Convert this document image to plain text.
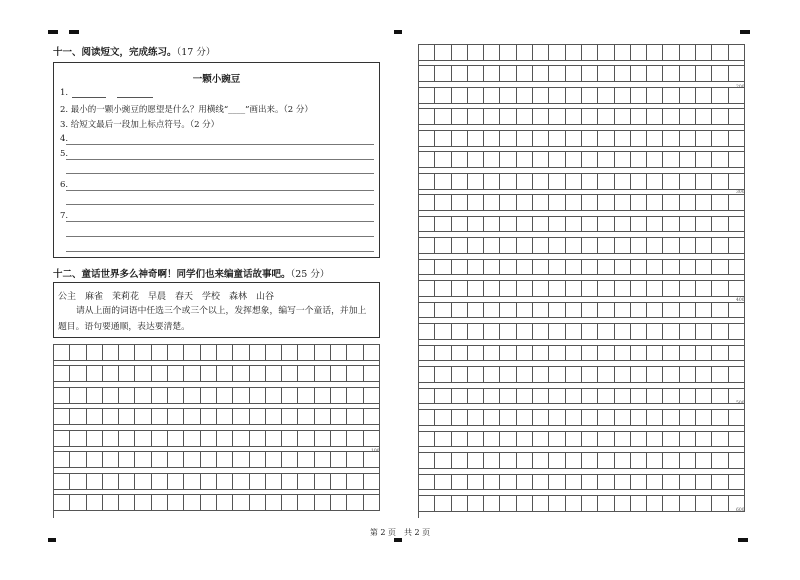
十一、阅读短文，完成练习。（17 分）
一颗小豌豆
1.
2. 最小的一颗小豌豆的愿望是什么？用横线“____”画出来。（2 分）
3. 给短文最后一段加上标点符号。（2 分）
4.
5.
6.
7.
十二、童话世界多么神奇啊！同学们也来编童话故事吧。（25 分）
公主　麻雀　茉莉花　早晨　春天　学校　森林　山谷
请从上面的词语中任选三个或三个以上，发挥想象，编写一个童话，并加上题目。语句要通顺，表达要清楚。
100
200
300
400
500
600
第 2 页　共 2 页
